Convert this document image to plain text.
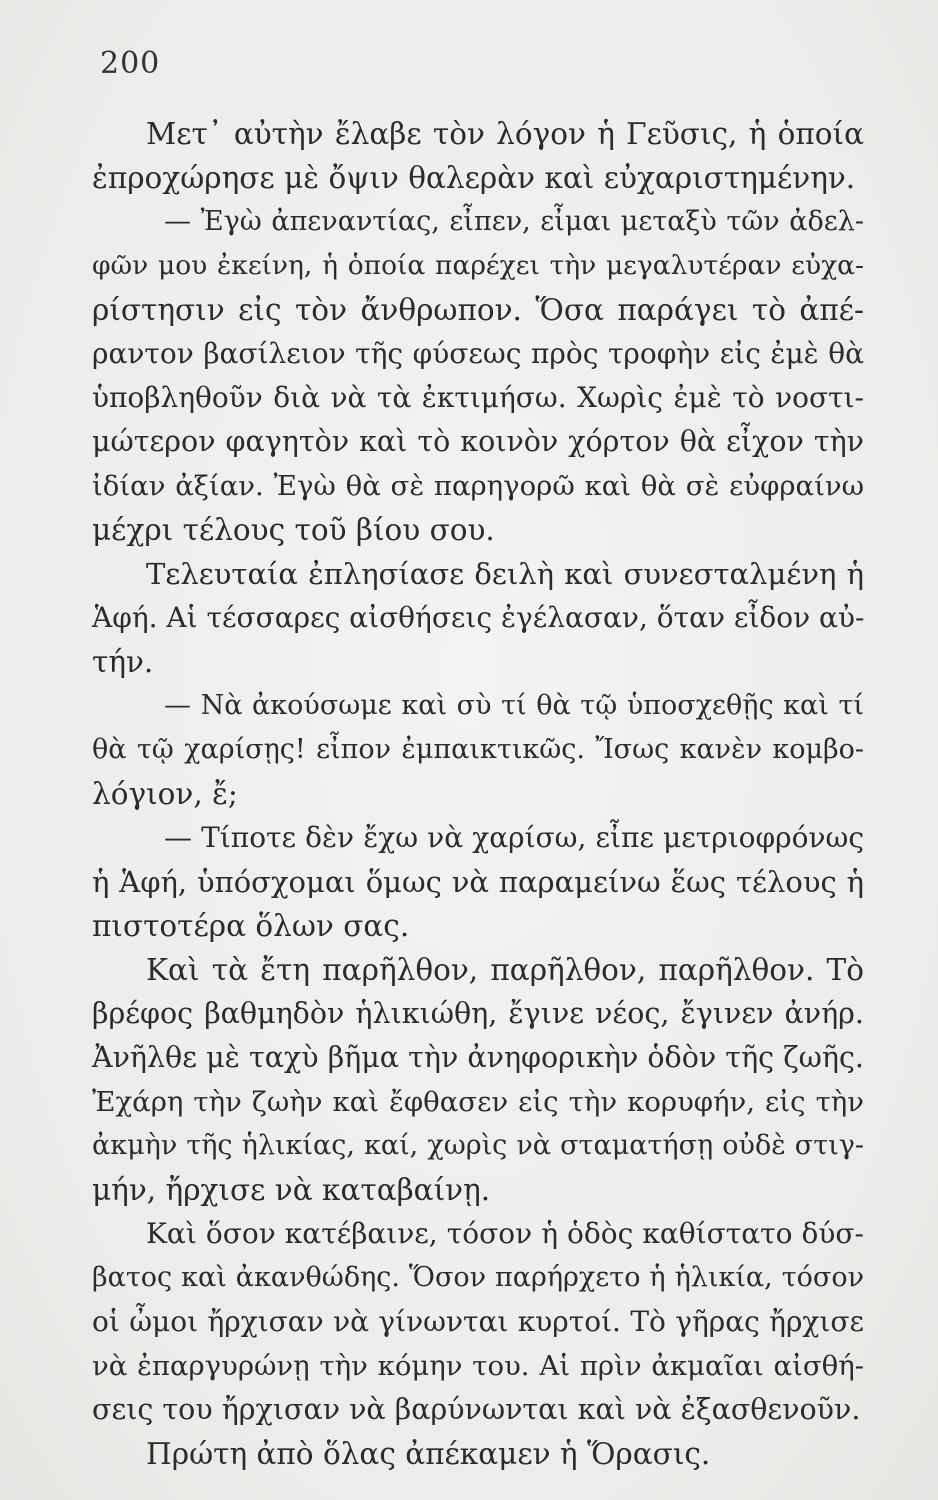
200
Μετ᾽ αὐτὴν ἔλαβε τὸν λόγον ἡ Γεῦσις, ἡ ὁποία
ἐπροχώρησε μὲ ὄψιν θαλερὰν καὶ εὐχαριστημένην.
— Ἐγὼ ἀπεναντίας, εἶπεν, εἶμαι μεταξὺ τῶν ἀδελ-
φῶν μου ἐκείνη, ἡ ὁποία παρέχει τὴν μεγαλυτέραν εὐχα-
ρίστησιν εἰς τὸν ἄνθρωπον. Ὅσα παράγει τὸ ἀπέ-
ραντον βασίλειον τῆς φύσεως πρὸς τροφὴν εἰς ἐμὲ θὰ
ὑποβληθοῦν διὰ νὰ τὰ ἐκτιμήσω. Χωρὶς ἐμὲ τὸ νοστι-
μώτερον φαγητὸν καὶ τὸ κοινὸν χόρτον θὰ εἶχον τὴν
ἰδίαν ἀξίαν. Ἐγὼ θὰ σὲ παρηγορῶ καὶ θὰ σὲ εὐφραίνω
μέχρι τέλους τοῦ βίου σου.
Τελευταία ἐπλησίασε δειλὴ καὶ συνεσταλμένη ἡ
Ἁφή. Αἱ τέσσαρες αἰσθήσεις ἐγέλασαν, ὅταν εἶδον αὐ-
τήν.
— Νὰ ἀκούσωμε καὶ σὺ τί θὰ τῷ ὑποσχεθῇς καὶ τί
θὰ τῷ χαρίσῃς! εἶπον ἐμπαικτικῶς. Ἴσως κανὲν κομβο-
λόγιον, ἔ;
— Τίποτε δὲν ἔχω νὰ χαρίσω, εἶπε μετριοφρόνως
ἡ Ἁφή, ὑπόσχομαι ὅμως νὰ παραμείνω ἕως τέλους ἡ
πιστοτέρα ὅλων σας.
Καὶ τὰ ἔτη παρῆλθον, παρῆλθον, παρῆλθον. Τὸ
βρέφος βαθμηδὸν ἡλικιώθη, ἔγινε νέος, ἔγινεν ἀνήρ.
Ἀνῆλθε μὲ ταχὺ βῆμα τὴν ἀνηφορικὴν ὁδὸν τῆς ζωῆς.
Ἐχάρη τὴν ζωὴν καὶ ἔφθασεν εἰς τὴν κορυφήν, εἰς τὴν
ἀκμὴν τῆς ἡλικίας, καί, χωρὶς νὰ σταματήσῃ οὐδὲ στιγ-
μήν, ἤρχισε νὰ καταβαίνῃ.
Καὶ ὅσον κατέβαινε, τόσον ἡ ὁδὸς καθίστατο δύσ-
βατος καὶ ἀκανθώδης. Ὅσον παρήρχετο ἡ ἡλικία, τόσον
οἱ ὦμοι ἤρχισαν νὰ γίνωνται κυρτοί. Τὸ γῆρας ἤρχισε
νὰ ἐπαργυρώνῃ τὴν κόμην του. Αἱ πρὶν ἀκμαῖαι αἰσθή-
σεις του ἤρχισαν νὰ βαρύνωνται καὶ νὰ ἐξασθενοῦν.
Πρώτη ἀπὸ ὅλας ἀπέκαμεν ἡ Ὅρασις.
